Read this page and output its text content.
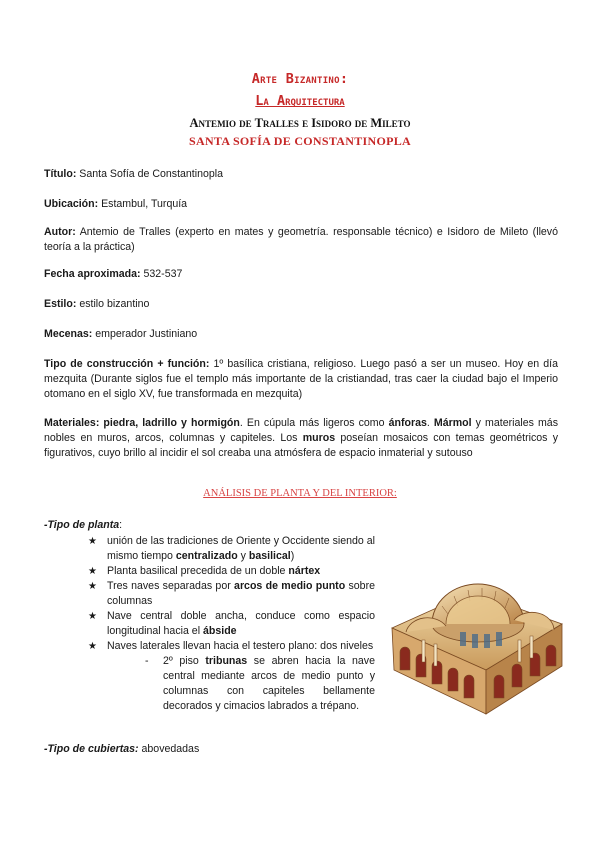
Arte Bizantino:
La Arquitectura
Antemio de Tralles e Isidoro de Mileto
SANTA SOFÍA DE CONSTANTINOPLA
Título: Santa Sofía de Constantinopla
Ubicación: Estambul, Turquía
Autor: Antemio de Tralles (experto en mates y geometría. responsable técnico) e Isidoro de Mileto (llevó teoría a la práctica)
Fecha aproximada: 532-537
Estilo: estilo bizantino
Mecenas: emperador Justiniano
Tipo de construcción + función: 1º basílica cristiana, religioso. Luego pasó a ser un museo. Hoy en día mezquita (Durante siglos fue el templo más importante de la cristiandad, tras caer la ciudad bajo el Imperio otomano en el siglo XV, fue transformada en mezquita)
Materiales: piedra, ladrillo y hormigón. En cúpula más ligeros como ánforas. Mármol y materiales más nobles en muros, arcos, columnas y capiteles. Los muros poseían mosaicos con temas geométricos y figurativos, cuyo brillo al incidir el sol creaba una atmósfera de espacio inmaterial y sutouso
ANÁLISIS DE PLANTA Y DEL INTERIOR:
-Tipo de planta:
★ unión de las tradiciones de Oriente y Occidente siendo al mismo tiempo centralizado y basilical)
★ Planta basilical precedida de un doble nártex
★ Tres naves separadas por arcos de medio punto sobre columnas
★ Nave central doble ancha, conduce como espacio longitudinal hacia el ábside
★ Naves laterales llevan hacia el testero plano: dos niveles
- 2º piso tribunas se abren hacia la nave central mediante arcos de medio punto y columnas con capiteles bellamente decorados y cimacios labrados a trépano.
-Tipo de cubiertas: abovedadas
